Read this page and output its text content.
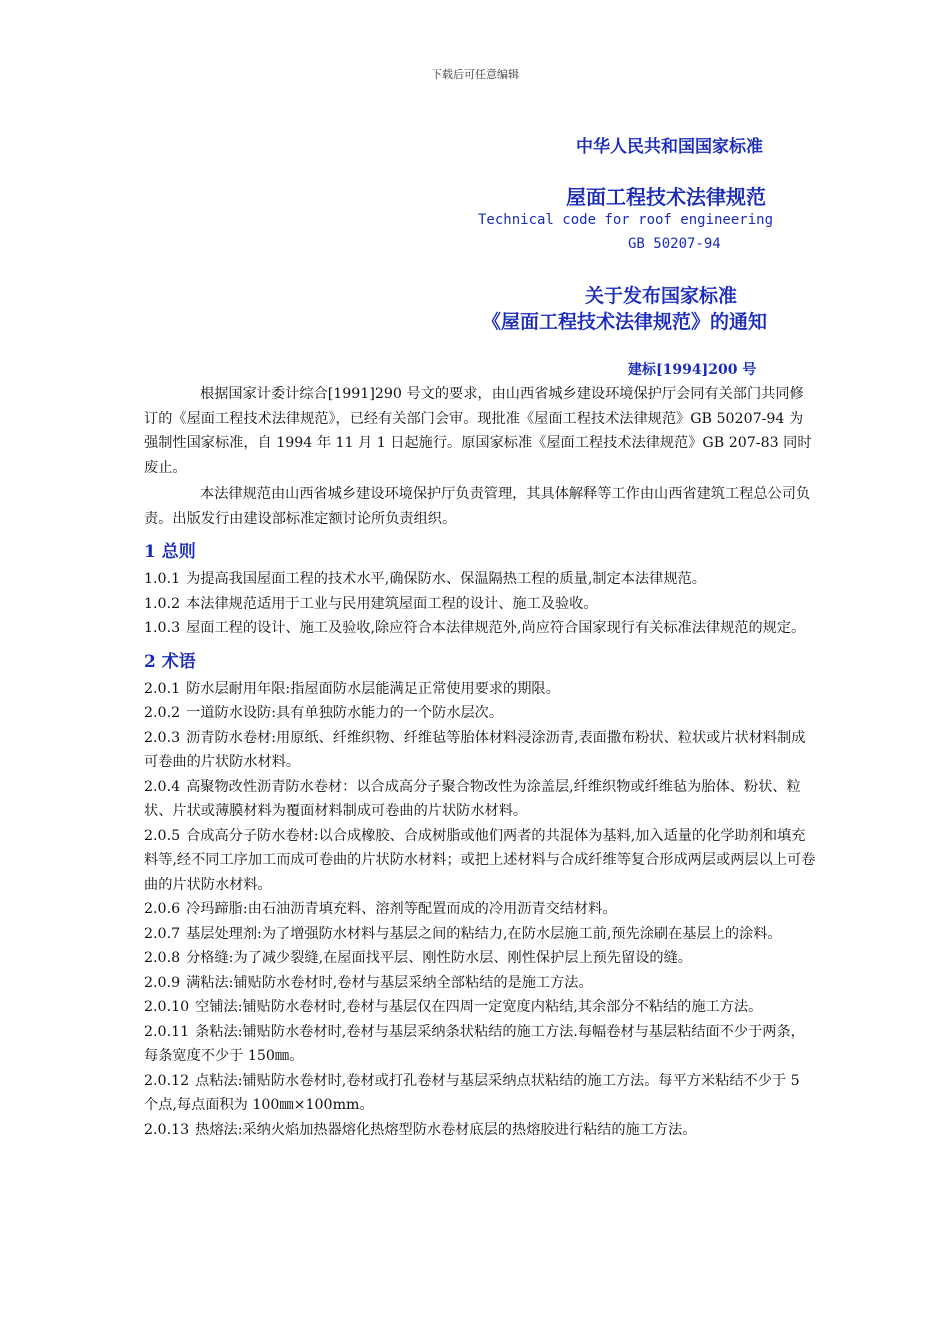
下载后可任意编辑
中华人民共和国国家标准
屋面工程技术法律规范
Technical code for roof engineering
GB 50207-94
关于发布国家标准
《屋面工程技术法律规范》的通知
建标[1994]200 号

根据国家计委计综合[1991]290 号文的要求，由山西省城乡建设环境保护厅会同有关部门共同修订的《屋面工程技术法律规范》，已经有关部门会审。现批准《屋面工程技术法律规范》GB 50207-94 为强制性国家标准，自 1994 年 11 月 1 日起施行。原国家标准《屋面工程技术法律规范》GB 207-83 同时废止。

本法律规范由山西省城乡建设环境保护厅负责管理，其具体解释等工作由山西省建筑工程总公司负责。出版发行由建设部标准定额讨论所负责组织。

1 总则

1.0.1 为提高我国屋面工程的技术水平,确保防水、保温隔热工程的质量,制定本法律规范。

1.0.2 本法律规范适用于工业与民用建筑屋面工程的设计、施工及验收。

1.0.3 屋面工程的设计、施工及验收,除应符合本法律规范外,尚应符合国家现行有关标准法律规范的规定。

2 术语

2.0.1 防水层耐用年限:指屋面防水层能满足正常使用要求的期限。

2.0.2 一道防水设防:具有单独防水能力的一个防水层次。

2.0.3 沥青防水卷材:用原纸、纤维织物、纤维毡等胎体材料浸涂沥青,表面撒布粉状、粒状或片状材料制成可卷曲的片状防水材料。

2.0.4 高聚物改性沥青防水卷材：以合成高分子聚合物改性为涂盖层,纤维织物或纤维毡为胎体、粉状、粒状、片状或薄膜材料为覆面材料制成可卷曲的片状防水材料。

2.0.5 合成高分子防水卷材:以合成橡胶、合成树脂或他们两者的共混体为基料,加入适量的化学助剂和填充料等,经不同工序加工而成可卷曲的片状防水材料；或把上述材料与合成纤维等复合形成两层或两层以上可卷曲的片状防水材料。

2.0.6 冷玛蹄脂:由石油沥青填充料、溶剂等配置而成的冷用沥青交结材料。

2.0.7 基层处理剂:为了增强防水材料与基层之间的粘结力,在防水层施工前,预先涂刷在基层上的涂料。

2.0.8 分格缝:为了减少裂缝,在屋面找平层、刚性防水层、刚性保护层上预先留设的缝。

2.0.9 满粘法:铺贴防水卷材时,卷材与基层采纳全部粘结的是施工方法。

2.0.10 空铺法:铺贴防水卷材时,卷材与基层仅在四周一定宽度内粘结,其余部分不粘结的施工方法。

2.0.11 条粘法:铺贴防水卷材时,卷材与基层采纳条状粘结的施工方法.每幅卷材与基层粘结面不少于两条，每条宽度不少于 150㎜。

2.0.12 点粘法:铺贴防水卷材时,卷材或打孔卷材与基层采纳点状粘结的施工方法。每平方米粘结不少于 5 个点,每点面积为 100㎜×100mm。

2.0.13 热熔法:采纳火焰加热器熔化热熔型防水卷材底层的热熔胶进行粘结的施工方法。
